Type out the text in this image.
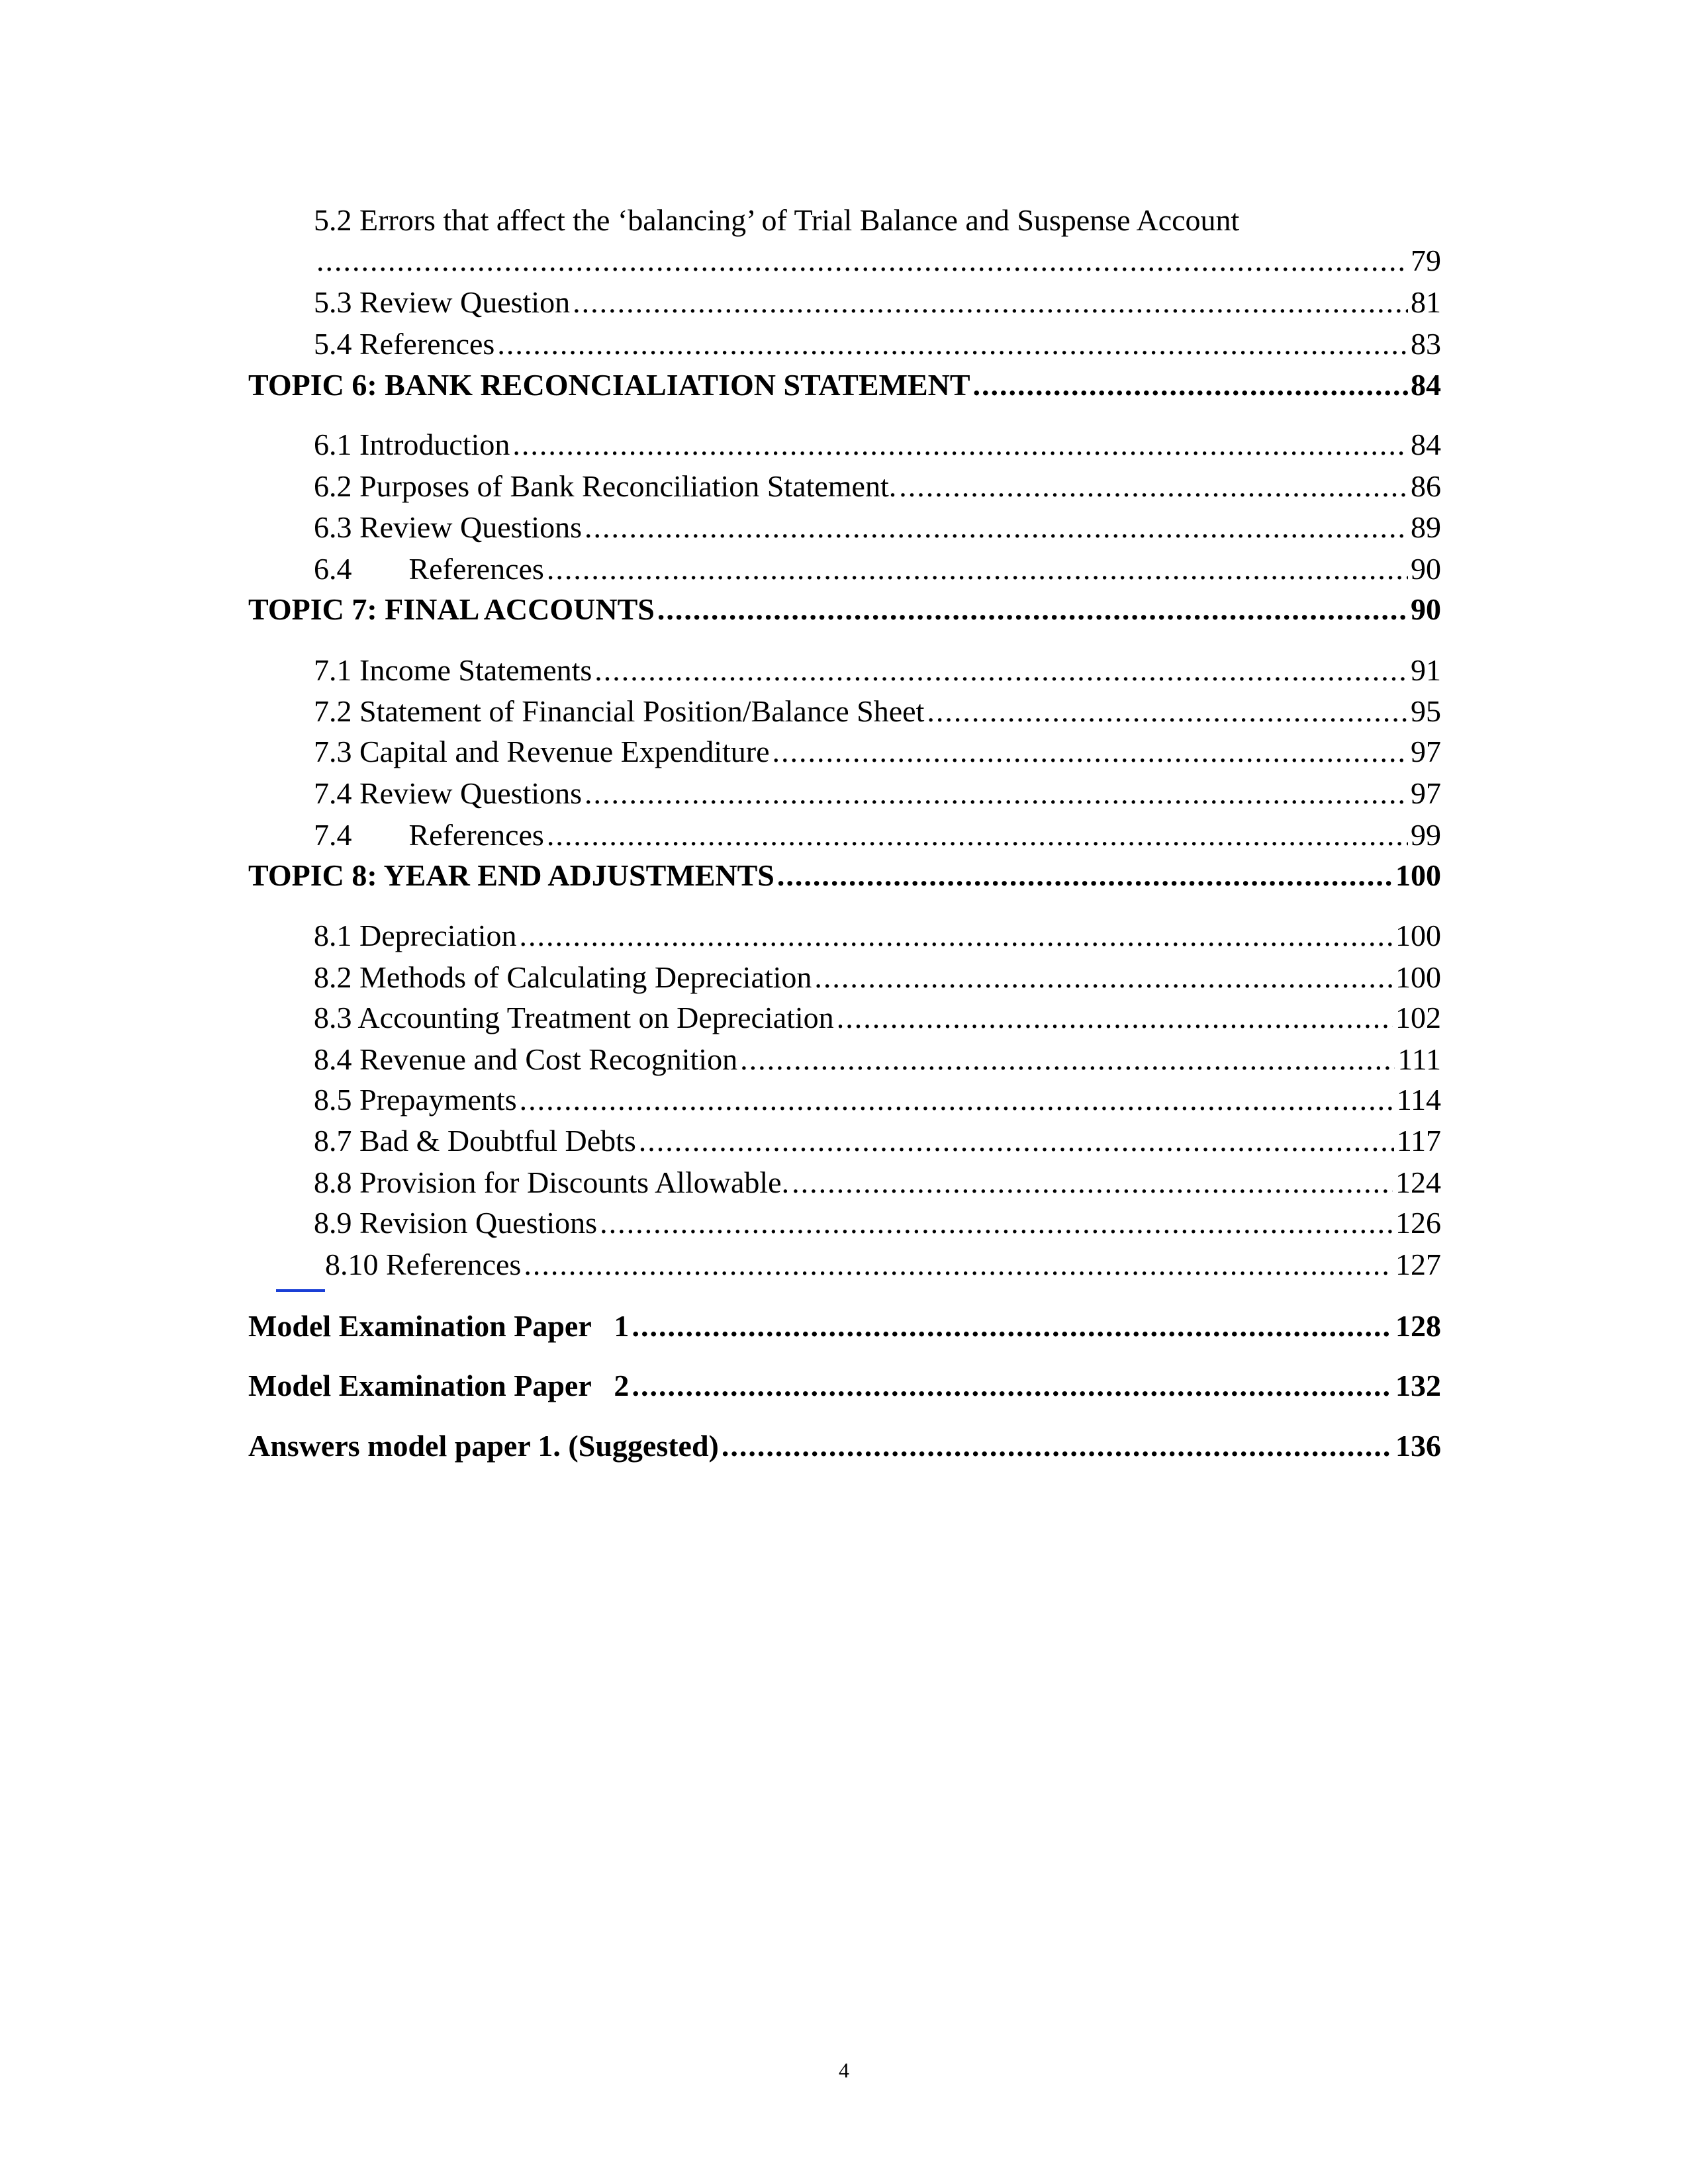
5.2 Errors that affect the ‘balancing’ of Trial Balance and Suspense Account
.....
79
5.3 Review Question .....	81
5.4 References .....	83
TOPIC 6: BANK RECONCIALIATION STATEMENT .....	84
6.1 Introduction .....	84
6.2 Purposes of Bank Reconciliation Statement. .....	86
6.3 Review Questions .....	89
6.4 References .....	90
TOPIC 7: FINAL ACCOUNTS .....	90
7.1 Income Statements .....	91
7.2 Statement of Financial Position/Balance Sheet .....	95
7.3 Capital and Revenue Expenditure .....	97
7.4 Review Questions .....	97
7.4 References .....	99
TOPIC 8: YEAR END ADJUSTMENTS .....	100
8.1 Depreciation .....	100
8.2 Methods of Calculating Depreciation .....	100
8.3 Accounting Treatment on Depreciation .....	102
8.4 Revenue and Cost Recognition .....	111
8.5 Prepayments .....	114
8.7 Bad & Doubtful Debts .....	117
8.8 Provision for Discounts Allowable. .....	124
8.9 Revision Questions .....	126
8.10 References .....	127
Model Examination Paper   1 .....	128
Model Examination Paper   2 .....	132
Answers model paper 1. (Suggested) .....	136
4
